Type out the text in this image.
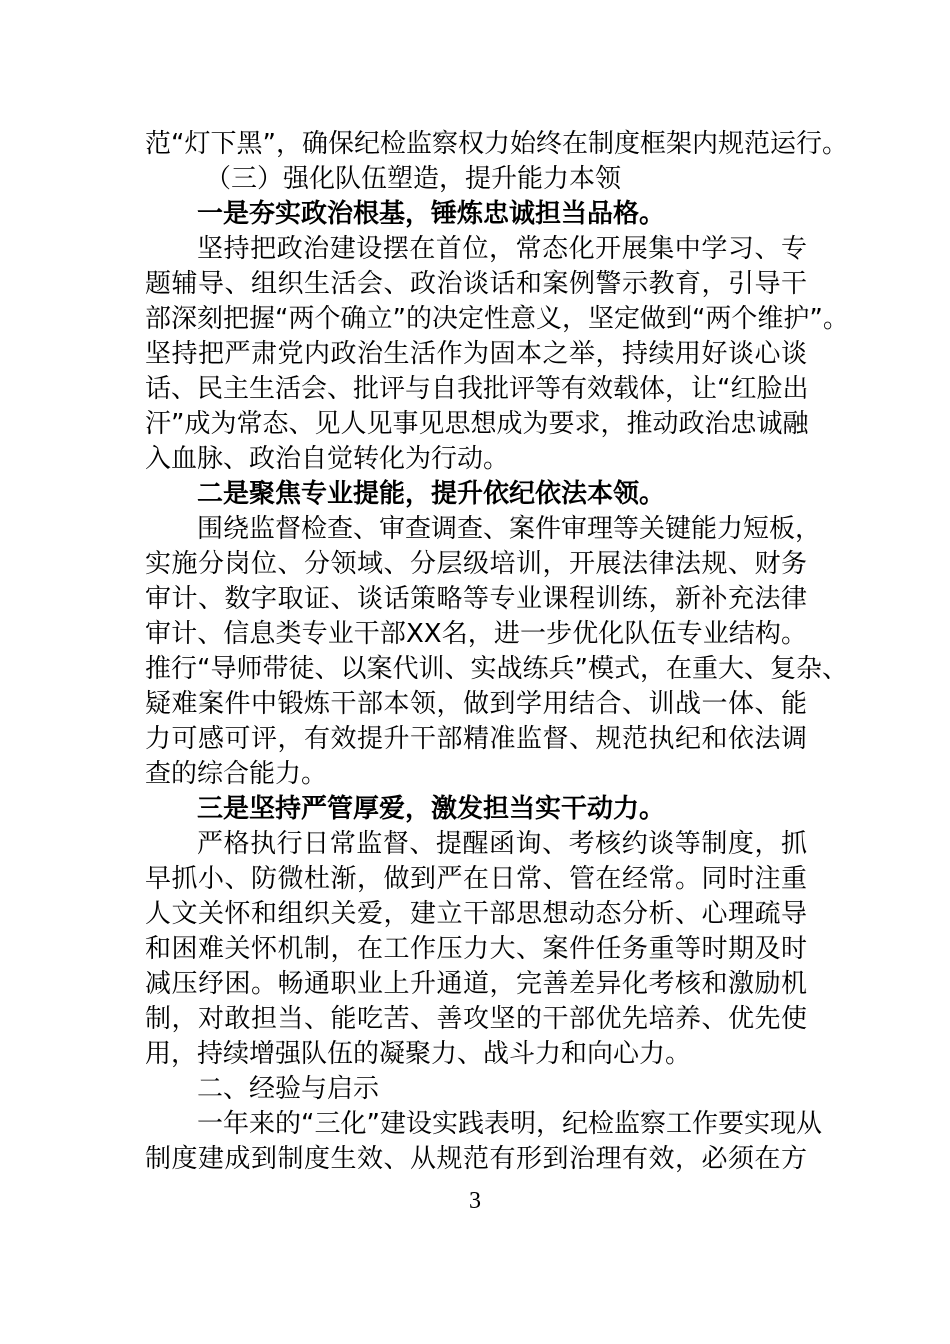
范“灯下黑”，确保纪检监察权力始终在制度框架内规范运行。
（三）强化队伍塑造，提升能力本领
一是夯实政治根基，锤炼忠诚担当品格。
坚持把政治建设摆在首位，常态化开展集中学习、专
题辅导、组织生活会、政治谈话和案例警示教育，引导干
部深刻把握“两个确立”的决定性意义，坚定做到“两个维护”。
坚持把严肃党内政治生活作为固本之举，持续用好谈心谈
话、民主生活会、批评与自我批评等有效载体，让“红脸出
汗”成为常态、见人见事见思想成为要求，推动政治忠诚融
入血脉、政治自觉转化为行动。
二是聚焦专业提能，提升依纪依法本领。
围绕监督检查、审查调查、案件审理等关键能力短板，
实施分岗位、分领域、分层级培训，开展法律法规、财务
审计、数字取证、谈话策略等专业课程训练，新补充法律
审计、信息类专业干部XX名，进一步优化队伍专业结构。
推行“导师带徒、以案代训、实战练兵”模式，在重大、复杂、
疑难案件中锻炼干部本领，做到学用结合、训战一体、能
力可感可评，有效提升干部精准监督、规范执纪和依法调
查的综合能力。
三是坚持严管厚爱，激发担当实干动力。
严格执行日常监督、提醒函询、考核约谈等制度，抓
早抓小、防微杜渐，做到严在日常、管在经常。同时注重
人文关怀和组织关爱，建立干部思想动态分析、心理疏导
和困难关怀机制，在工作压力大、案件任务重等时期及时
减压纾困。畅通职业上升通道，完善差异化考核和激励机
制，对敢担当、能吃苦、善攻坚的干部优先培养、优先使
用，持续增强队伍的凝聚力、战斗力和向心力。
二、经验与启示
一年来的“三化”建设实践表明，纪检监察工作要实现从
制度建成到制度生效、从规范有形到治理有效，必须在方
3
